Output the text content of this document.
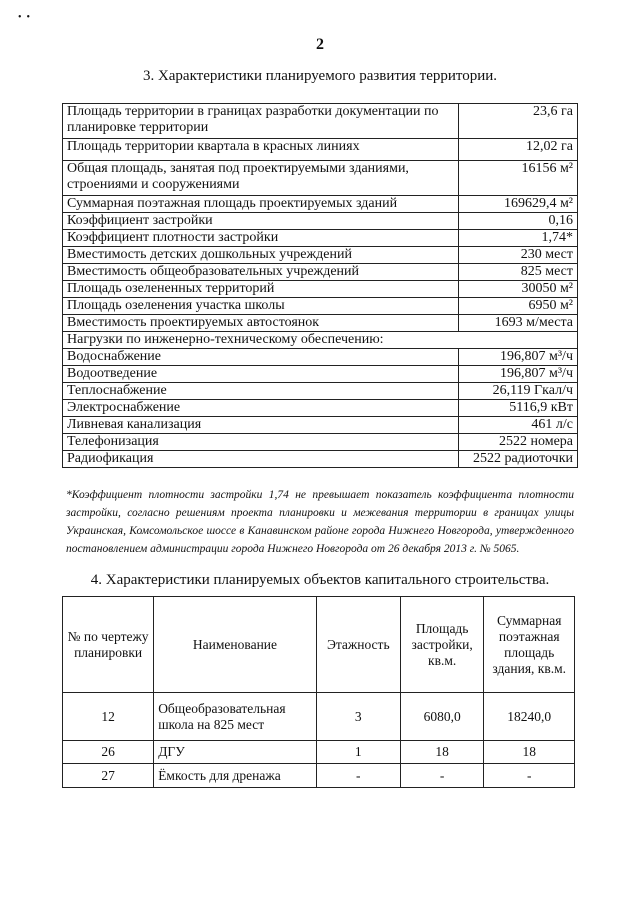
•  •
2
3. Характеристики планируемого развития территории.
Площадь территории в границах разработки документации по планировке территории	23,6 га
Площадь территории квартала в красных линиях	12,02 га
Общая площадь, занятая под проектируемыми зданиями, строениями и сооружениями	16156 м²
Суммарная поэтажная площадь проектируемых зданий	169629,4 м²
Коэффициент застройки	0,16
Коэффициент плотности застройки	1,74*
Вместимость детских дошкольных учреждений	230 мест
Вместимость общеобразовательных учреждений	825 мест
Площадь озелененных территорий	30050 м²
Площадь озеленения участка школы	6950 м²
Вместимость проектируемых автостоянок	1693 м/места
Нагрузки по инженерно-техническому обеспечению:	
Водоснабжение	196,807 м³/ч
Водоотведение	196,807 м³/ч
Теплоснабжение	26,119 Гкал/ч
Электроснабжение	5116,9 кВт
Ливневая канализация	461 л/с
Телефонизация	2522 номера
Радиофикация	2522 радиоточки
*Коэффициент плотности застройки 1,74 не превышает показатель коэффициента плотности застройки, согласно решениям проекта планировки и межевания территории в границах улицы Украинская, Комсомольское шоссе в Канавинском районе города Нижнего Новгорода, утвержденного постановлением администрации города Нижнего Новгорода от 26 декабря 2013 г. № 5065.
4. Характеристики планируемых объектов капитального строительства.
№ по чертежу планировки	Наименование	Этажность	Площадь застройки, кв.м.	Суммарная поэтажная площадь здания, кв.м.
12	Общеобразовательная школа на 825 мест	3	6080,0	18240,0
26	ДГУ	1	18	18
27	Ёмкость для дренажа	-	-	-
